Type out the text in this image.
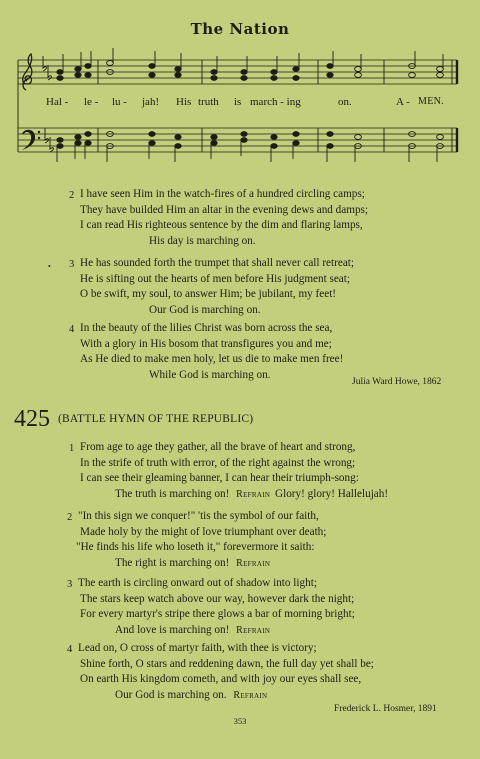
The Nation
Hal - le - lu - jah! His truth is march - ing	on.	A - MEN.
2 I have seen Him in the watch-fires of a hundred circling camps;
They have builded Him an altar in the evening dews and damps;
I can read His righteous sentence by the dim and flaring lamps,
His day is marching on.
• 3 He has sounded forth the trumpet that shall never call retreat;
He is sifting out the hearts of men before His judgment seat;
O be swift, my soul, to answer Him; be jubilant, my feet!
Our God is marching on.
4 In the beauty of the lilies Christ was born across the sea,
With a glory in His bosom that transfigures you and me;
As He died to make men holy, let us die to make men free!
While God is marching on.
Julia Ward Howe, 1862
425 (BATTLE HYMN OF THE REPUBLIC)
1 From age to age they gather, all the brave of heart and strong,
In the strife of truth with error, of the right against the wrong;
I can see their gleaming banner, I can hear their triumph-song:
The truth is marching on! Refrain Glory! glory! Hallelujah!
2 "In this sign we conquer!" 'tis the symbol of our faith,
Made holy by the might of love triumphant over death;
"He finds his life who loseth it," forevermore it saith:
The right is marching on! Refrain
3 The earth is circling onward out of shadow into light;
The stars keep watch above our way, however dark the night;
For every martyr's stripe there glows a bar of morning bright;
And love is marching on! Refrain
4 Lead on, O cross of martyr faith, with thee is victory;
Shine forth, O stars and reddening dawn, the full day yet shall be;
On earth His kingdom cometh, and with joy our eyes shall see,
Our God is marching on. Refrain
Frederick L. Hosmer, 1891
353
